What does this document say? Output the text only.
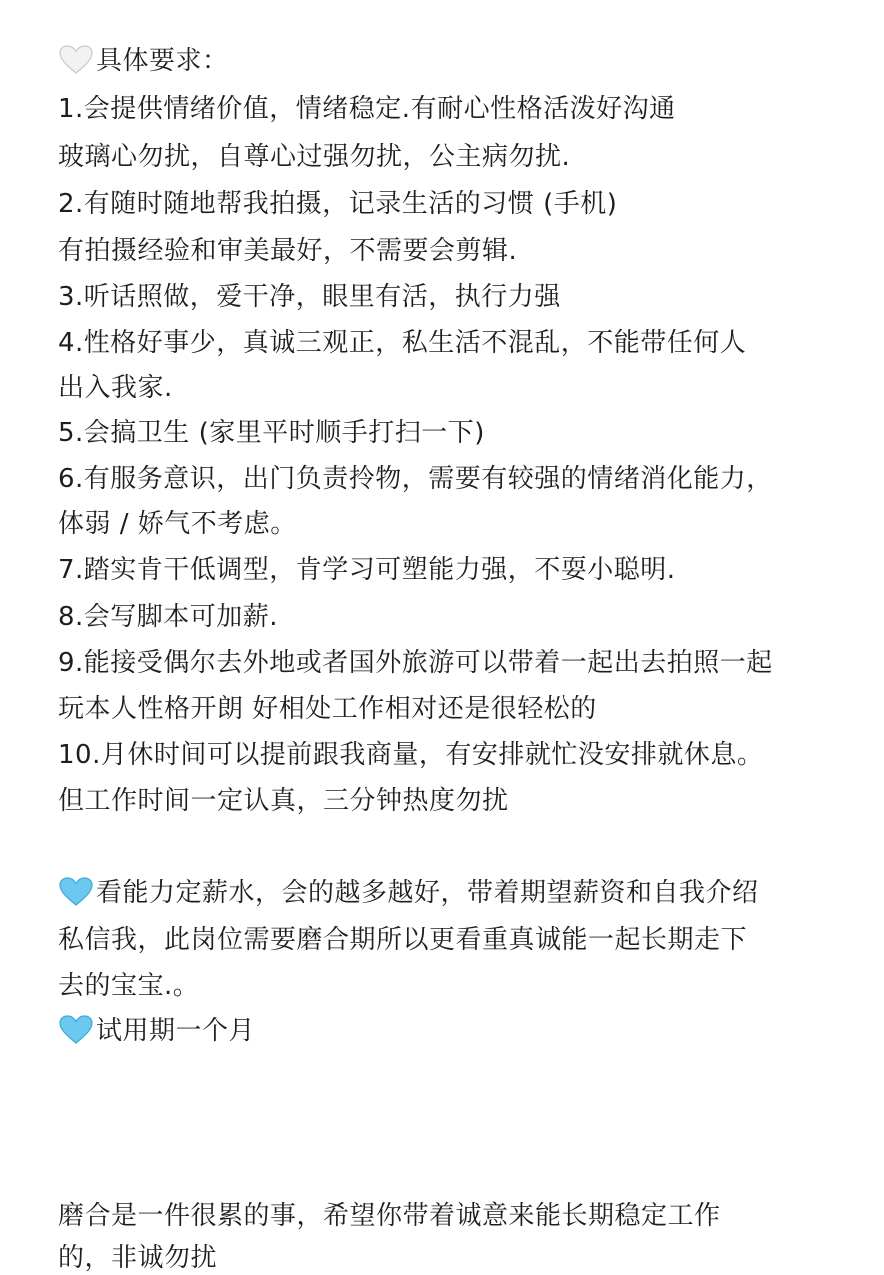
具体要求：
1.会提供情绪价值，情绪稳定.有耐心性格活泼好沟通
玻璃心勿扰，自尊心过强勿扰，公主病勿扰.
2.有随时随地帮我拍摄，记录生活的习惯 (手机)
有拍摄经验和审美最好，不需要会剪辑.
3.听话照做，爱干净，眼里有活，执行力强
4.性格好事少，真诚三观正，私生活不混乱，不能带任何人
出入我家.
5.会搞卫生 (家里平时顺手打扫一下)
6.有服务意识，出门负责拎物，需要有较强的情绪消化能力，
体弱 / 娇气不考虑。
7.踏实肯干低调型，肯学习可塑能力强，不耍小聪明.
8.会写脚本可加薪.
9.能接受偶尔去外地或者国外旅游可以带着一起出去拍照一起
玩本人性格开朗 好相处工作相对还是很轻松的
10.月休时间可以提前跟我商量，有安排就忙没安排就休息。
但工作时间一定认真，三分钟热度勿扰
看能力定薪水，会的越多越好，带着期望薪资和自我介绍
私信我，此岗位需要磨合期所以更看重真诚能一起长期走下
去的宝宝.。
试用期一个月
磨合是一件很累的事，希望你带着诚意来能长期稳定工作
的，非诚勿扰
